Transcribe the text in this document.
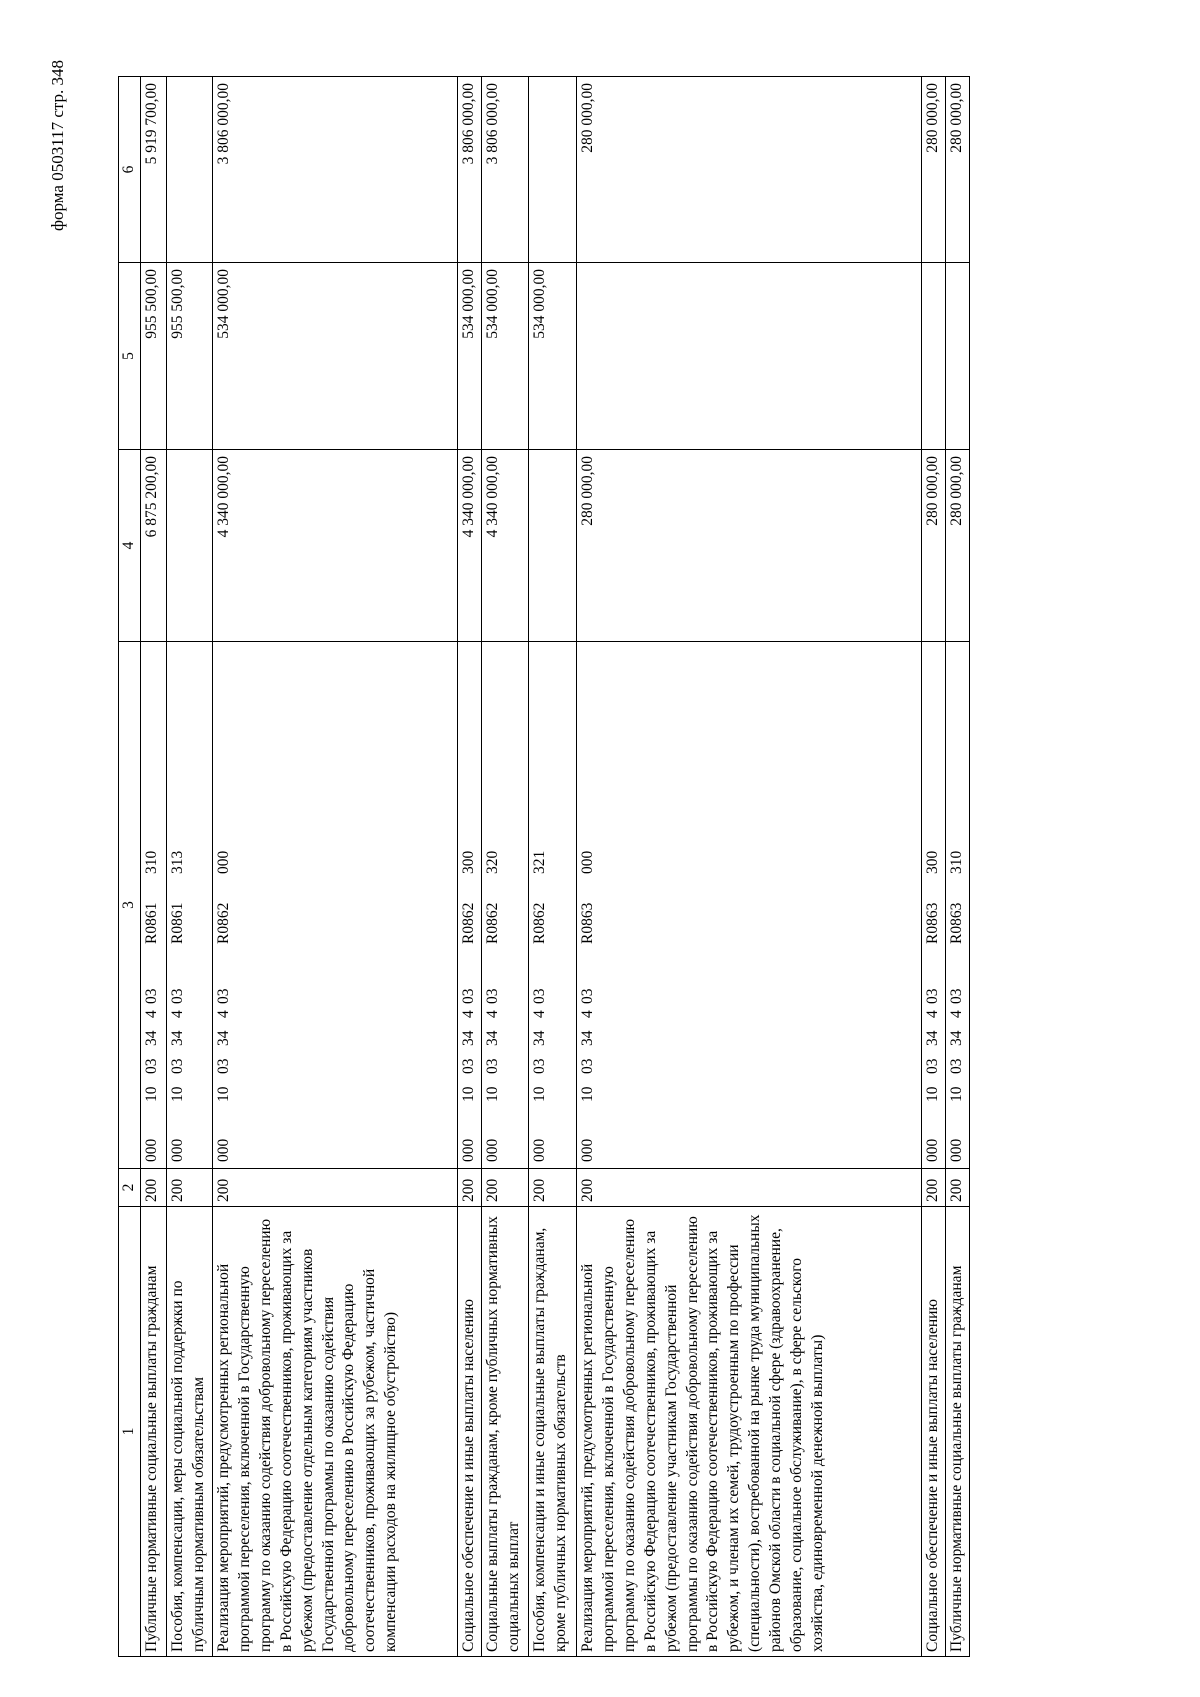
форма 0503117 стр. 348
1	2	3	4	5	6
Публичные нормативные социальные выплаты гражданам	200	000100334403R0861310	6 875 200,00	955 500,00	5 919 700,00
Пособия, компенсации, меры социальной поддержки по публичным нормативным обязательствам	200	000100334403R0861313		955 500,00	
Реализация мероприятий, предусмотренных региональной программой переселения, включенной в Государственную программу по оказанию содействия добровольному переселению в Российскую Федерацию соотечественников, проживающих за рубежом (предоставление отдельным категориям участников Государственной программы по оказанию содействия добровольному переселению в Российскую Федерацию соотечественников, проживающих за рубежом, частичной компенсации расходов на жилищное обустройство)	200	000100334403R0862000	4 340 000,00	534 000,00	3 806 000,00
Социальное обеспечение и иные выплаты населению	200	000100334403R0862300	4 340 000,00	534 000,00	3 806 000,00
Социальные выплаты гражданам, кроме публичных нормативных социальных выплат	200	000100334403R0862320	4 340 000,00	534 000,00	3 806 000,00
Пособия, компенсации и иные социальные выплаты гражданам, кроме публичных нормативных обязательств	200	000100334403R0862321		534 000,00	
Реализация мероприятий, предусмотренных региональной программой переселения, включенной в Государственную программу по оказанию содействия добровольному переселению в Российскую Федерацию соотечественников, проживающих за рубежом (предоставление участникам Государственной программы по оказанию содействия добровольному переселению в Российскую Федерацию соотечественников, проживающих за рубежом, и членам их семей, трудоустроенным по профессии (специальности), востребованной на рынке труда муниципальных районов Омской области в социальной сфере (здравоохранение, образование, социальное обслуживание), в сфере сельского хозяйства, единовременной денежной выплаты)	200	000100334403R0863000	280 000,00		280 000,00
Социальное обеспечение и иные выплаты населению	200	000100334403R0863300	280 000,00		280 000,00
Публичные нормативные социальные выплаты гражданам	200	000100334403R0863310	280 000,00		280 000,00
